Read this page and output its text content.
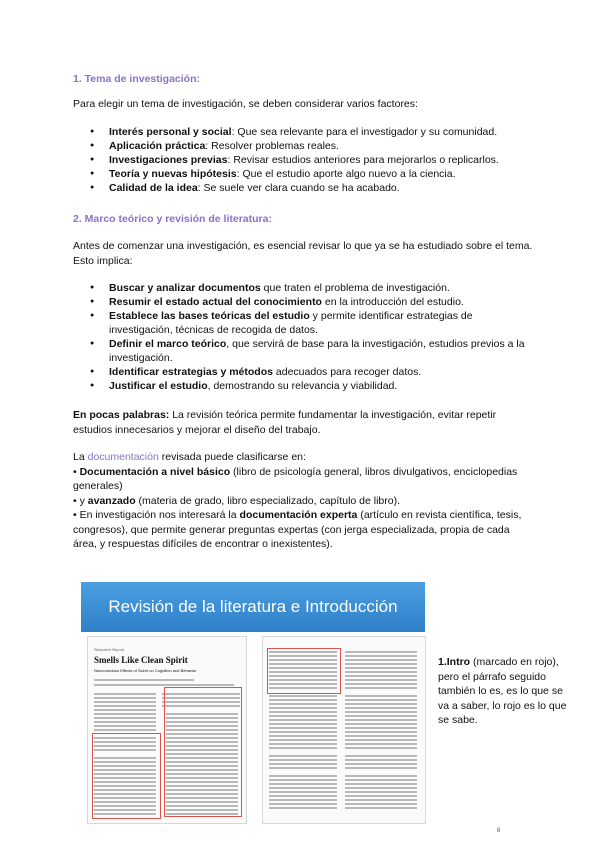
1. Tema de investigación:
Para elegir un tema de investigación, se deben considerar varios factores:
● Interés personal y social: Que sea relevante para el investigador y su comunidad.
● Aplicación práctica: Resolver problemas reales.
● Investigaciones previas: Revisar estudios anteriores para mejorarlos o replicarlos.
● Teoría y nuevas hipótesis: Que el estudio aporte algo nuevo a la ciencia.
● Calidad de la idea: Se suele ver clara cuando se ha acabado.
2. Marco teórico y revisión de literatura:
Antes de comenzar una investigación, es esencial revisar lo que ya se ha estudiado sobre el tema. Esto implica:
● Buscar y analizar documentos que traten el problema de investigación.
● Resumir el estado actual del conocimiento en la introducción del estudio.
● Establece las bases teóricas del estudio y permite identificar estrategias de investigación, técnicas de recogida de datos.
● Definir el marco teórico, que servirá de base para la investigación, estudios previos a la investigación.
● Identificar estrategias y métodos adecuados para recoger datos.
● Justificar el estudio, demostrando su relevancia y viabilidad.
En pocas palabras: La revisión teórica permite fundamentar la investigación, evitar repetir estudios innecesarios y mejorar el diseño del trabajo.
La documentación revisada puede clasificarse en:
• Documentación a nivel básico (libro de psicología general, libros divulgativos, enciclopedias generales)
• y avanzado (materia de grado, libro especializado, capítulo de libro).
• En investigación nos interesará la documentación experta (artículo en revista científica, tesis, congresos), que permite generar preguntas expertas (con jerga especializada, propia de cada área, y respuestas difíciles de encontrar o inexistentes).
Revisión de la literatura e Introducción
Research Report
Smells Like Clean Spirit
Nonconscious Effects of Scent on Cognition and Behavior
1.Intro (marcado en rojo), pero el párrafo seguido también lo es, es lo que se va a saber, lo rojo es lo que se sabe.
6
